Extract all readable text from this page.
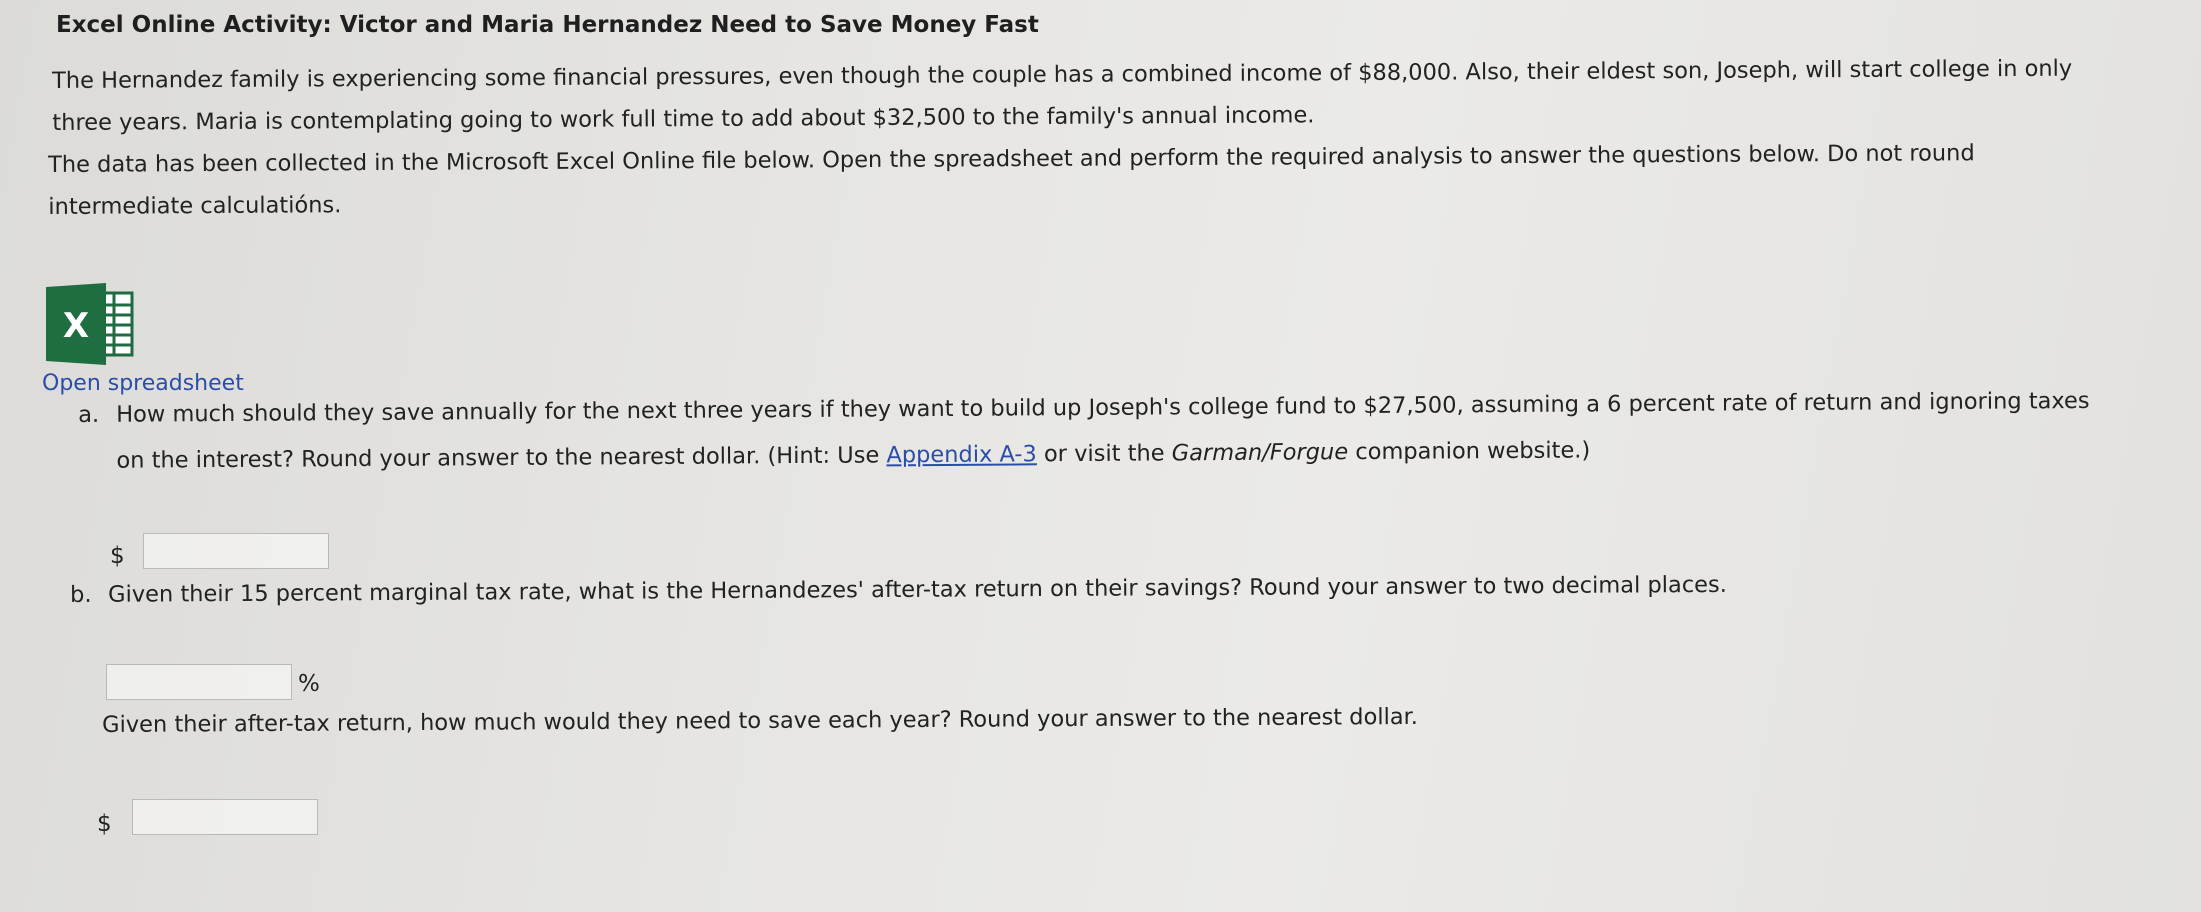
Excel Online Activity: Victor and Maria Hernandez Need to Save Money Fast
The Hernandez family is experiencing some financial pressures, even though the couple has a combined income of $88,000. Also, their eldest son, Joseph, will start college in only
three years. Maria is contemplating going to work full time to add about $32,500 to the family's annual income.
The data has been collected in the Microsoft Excel Online file below. Open the spreadsheet and perform the required analysis to answer the questions below. Do not round
intermediate calculatións.
X
Open spreadsheet
a. How much should they save annually for the next three years if they want to build up Joseph's college fund to $27,500, assuming a 6 percent rate of return and ignoring taxes
on the interest? Round your answer to the nearest dollar. (Hint: Use Appendix A-3 or visit the Garman/Forgue companion website.)
$
b. Given their 15 percent marginal tax rate, what is the Hernandezes' after-tax return on their savings? Round your answer to two decimal places.
%
Given their after-tax return, how much would they need to save each year? Round your answer to the nearest dollar.
$
